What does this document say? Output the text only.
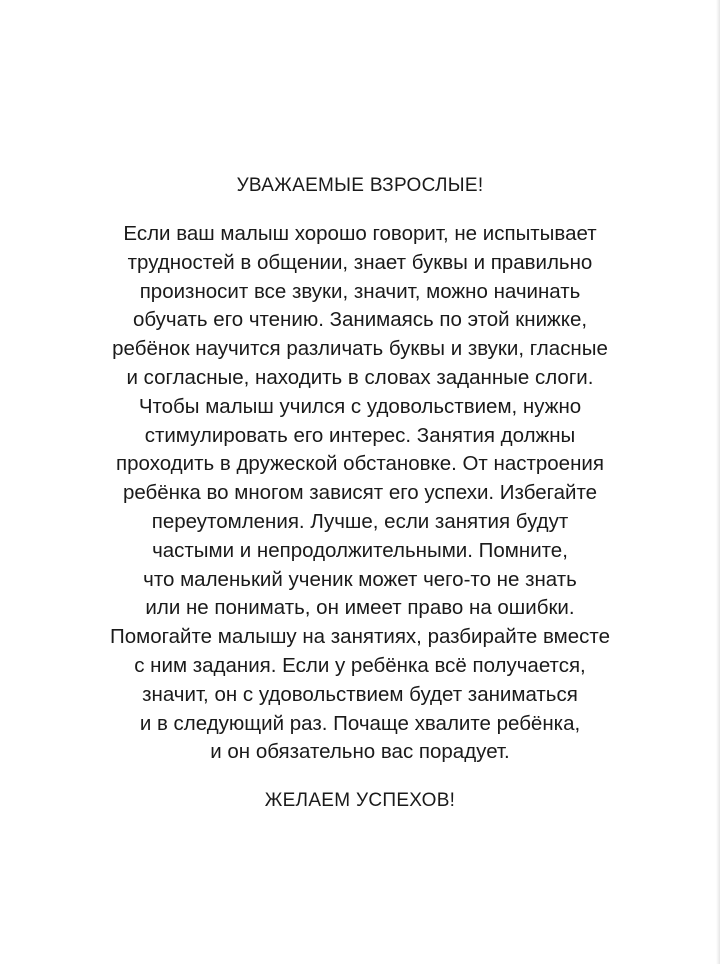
УВАЖАЕМЫЕ ВЗРОСЛЫЕ!

Если ваш малыш хорошо говорит, не испытывает
трудностей в общении, знает буквы и правильно
произносит все звуки, значит, можно начинать
обучать его чтению. Занимаясь по этой книжке,
ребёнок научится различать буквы и звуки, гласные
и согласные, находить в словах заданные слоги.
Чтобы малыш учился с удовольствием, нужно
стимулировать его интерес. Занятия должны
проходить в дружеской обстановке. От настроения
ребёнка во многом зависят его успехи. Избегайте
переутомления. Лучше, если занятия будут
частыми и непродолжительными. Помните,
что маленький ученик может чего-то не знать
или не понимать, он имеет право на ошибки.
Помогайте малышу на занятиях, разбирайте вместе
с ним задания. Если у ребёнка всё получается,
значит, он с удовольствием будет заниматься
и в следующий раз. Почаще хвалите ребёнка,
и он обязательно вас порадует.

ЖЕЛАЕМ УСПЕХОВ!
